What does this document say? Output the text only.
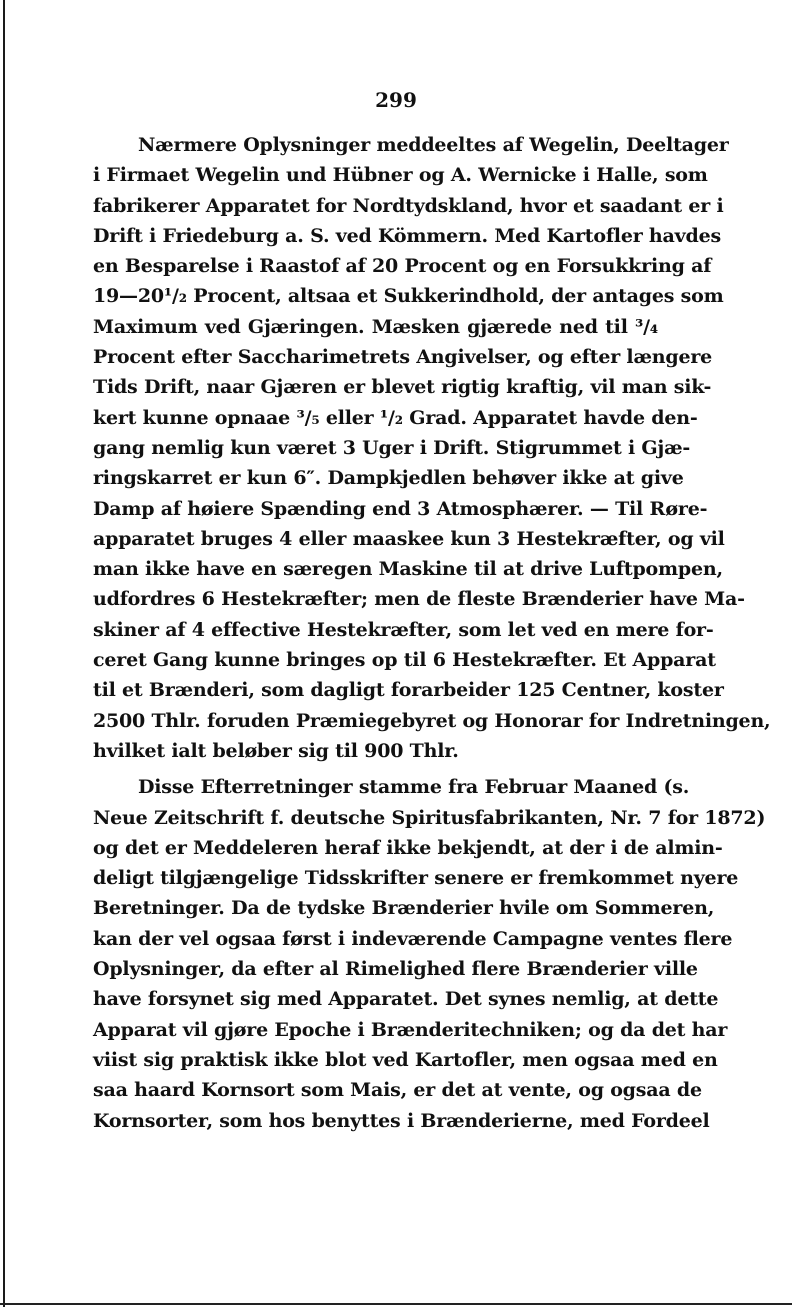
299
Nærmere Oplysninger meddeeltes af Wegelin, Deeltager
i Firmaet Wegelin und Hübner og A. Wernicke i Halle, som
fabrikerer Apparatet for Nordtydskland, hvor et saadant er i
Drift i Friedeburg a. S. ved Kömmern. Med Kartofler havdes
en Besparelse i Raastof af 20 Procent og en Forsukkring af
19—20¹/₂ Procent, altsaa et Sukkerindhold, der antages som
Maximum ved Gjæringen. Mæsken gjærede ned til ³/₄
Procent efter Saccharimetrets Angivelser, og efter længere
Tids Drift, naar Gjæren er blevet rigtig kraftig, vil man sik-
kert kunne opnaae ³/₅ eller ¹/₂ Grad. Apparatet havde den-
gang nemlig kun været 3 Uger i Drift. Stigrummet i Gjæ-
ringskarret er kun 6″. Dampkjedlen behøver ikke at give
Damp af høiere Spænding end 3 Atmosphærer. — Til Røre-
apparatet bruges 4 eller maaskee kun 3 Hestekræfter, og vil
man ikke have en særegen Maskine til at drive Luftpompen,
udfordres 6 Hestekræfter; men de fleste Brænderier have Ma-
skiner af 4 effective Hestekræfter, som let ved en mere for-
ceret Gang kunne bringes op til 6 Hestekræfter. Et Apparat
til et Brænderi, som dagligt forarbeider 125 Centner, koster
2500 Thlr. foruden Præmiegebyret og Honorar for Indretningen,
hvilket ialt beløber sig til 900 Thlr.
Disse Efterretninger stamme fra Februar Maaned (s.
Neue Zeitschrift f. deutsche Spiritusfabrikanten, Nr. 7 for 1872)
og det er Meddeleren heraf ikke bekjendt, at der i de almin-
deligt tilgjængelige Tidsskrifter senere er fremkommet nyere
Beretninger. Da de tydske Brænderier hvile om Sommeren,
kan der vel ogsaa først i indeværende Campagne ventes flere
Oplysninger, da efter al Rimelighed flere Brænderier ville
have forsynet sig med Apparatet. Det synes nemlig, at dette
Apparat vil gjøre Epoche i Brænderitechniken; og da det har
viist sig praktisk ikke blot ved Kartofler, men ogsaa med en
saa haard Kornsort som Mais, er det at vente, og ogsaa de
Kornsorter, som hos benyttes i Brænderierne, med Fordeel
